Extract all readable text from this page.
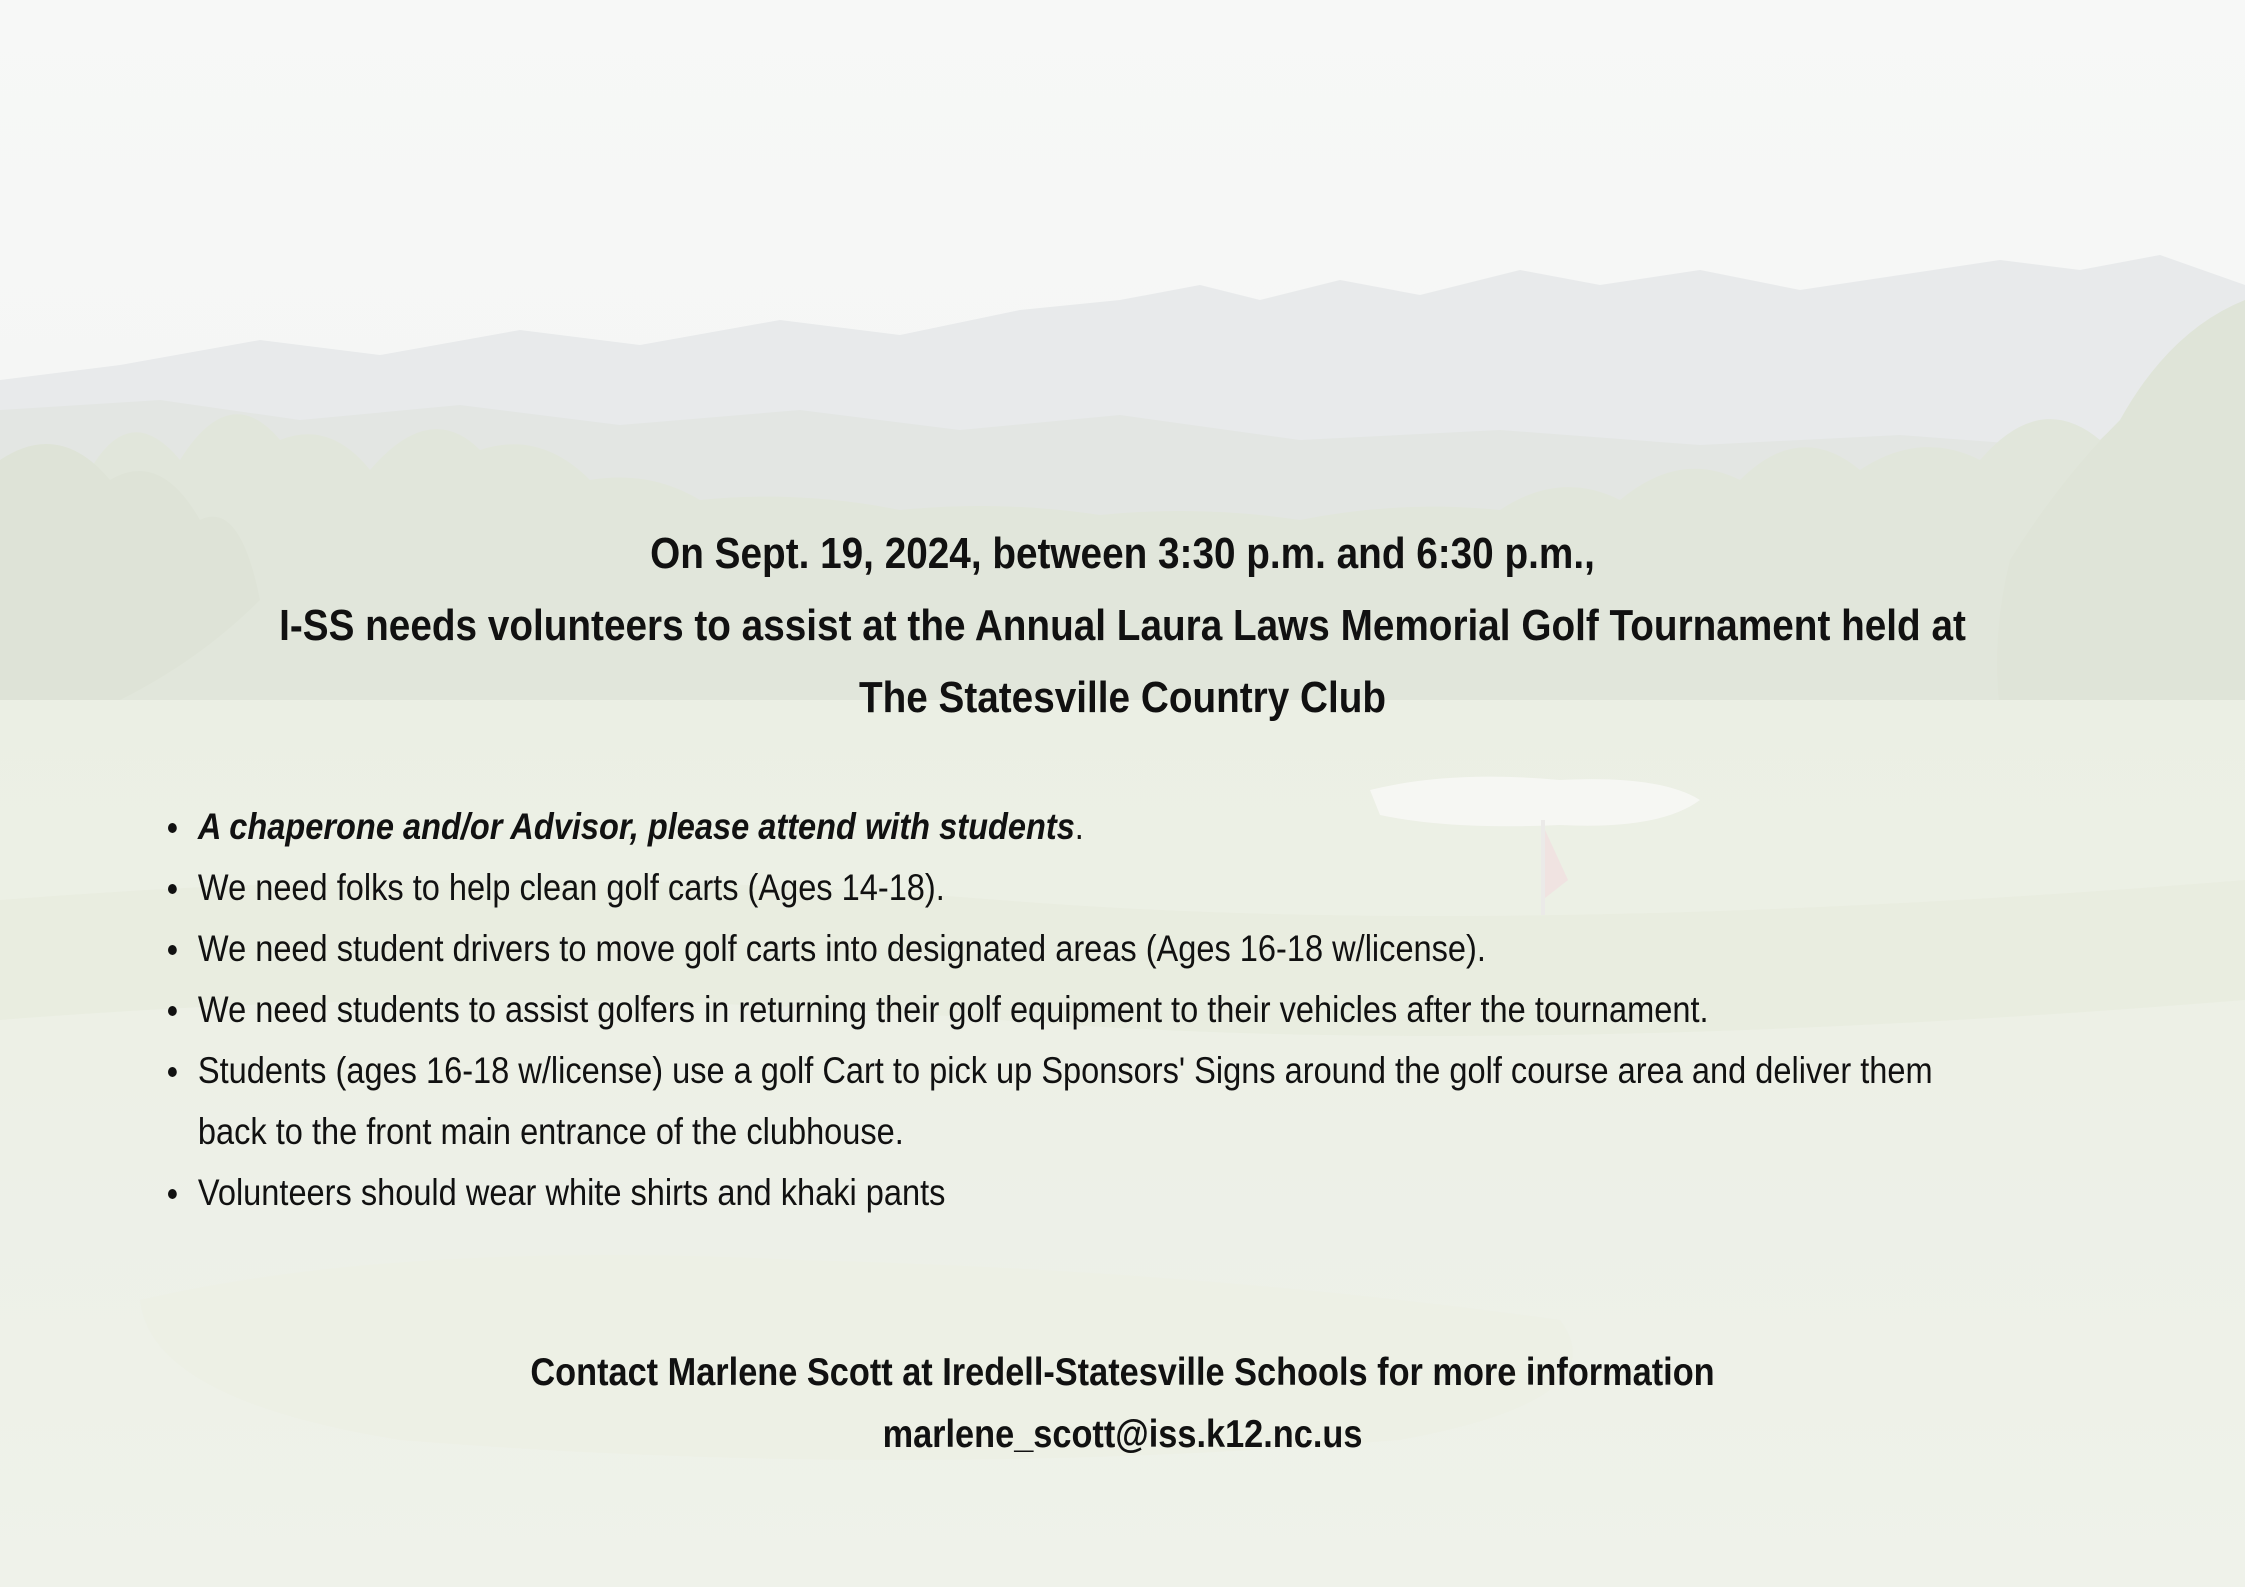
On Sept. 19, 2024, between 3:30 p.m. and 6:30 p.m.,
I-SS needs volunteers to assist at the Annual Laura Laws Memorial Golf Tournament held at
The Statesville Country Club
A chaperone and/or Advisor, please attend with students.
We need folks to help clean golf carts (Ages 14-18).
We need student drivers to move golf carts into designated areas (Ages 16-18 w/license).
We need students to assist golfers in returning their golf equipment to their vehicles after the tournament.
Students (ages 16-18 w/license) use a golf Cart to pick up Sponsors' Signs around the golf course area and deliver them back to the front main entrance of the clubhouse.
Volunteers should wear white shirts and khaki pants
Contact Marlene Scott at Iredell-Statesville Schools for more information
marlene_scott@iss.k12.nc.us
